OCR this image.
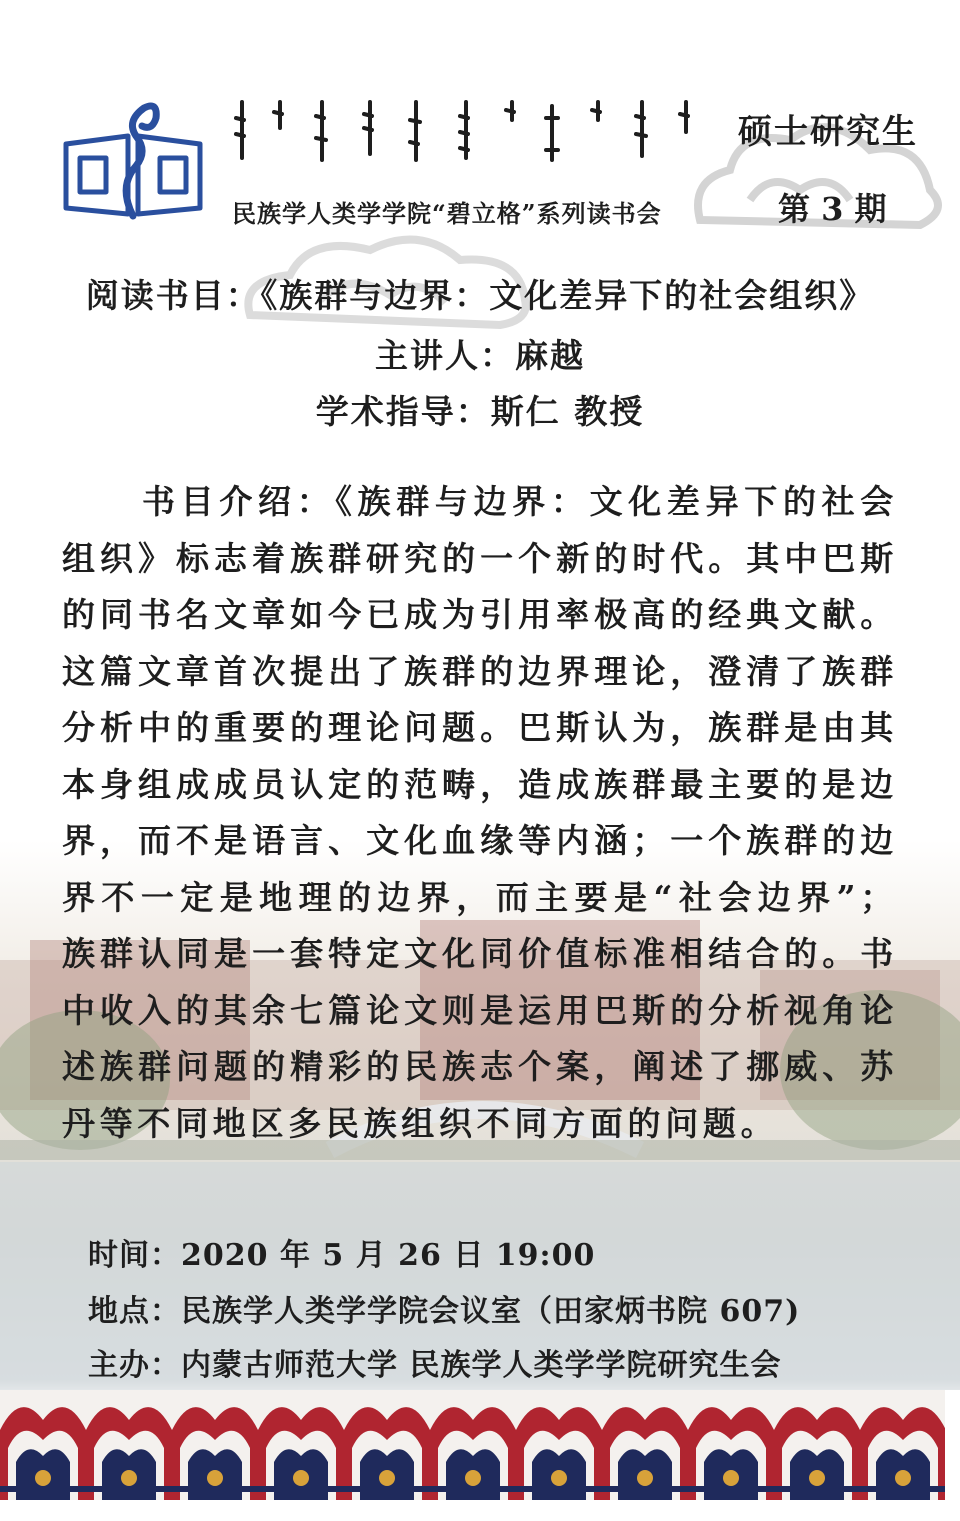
民族学人类学学院“碧立格”系列读书会
硕士研究生
第 3 期
阅读书目：《族群与边界：文化差异下的社会组织》
主讲人：麻越
学术指导：斯仁 教授

书目介绍：《族群与边界：文化差异下的社会组织》标志着族群研究的一个新的时代。其中巴斯的同书名文章如今已成为引用率极高的经典文献。这篇文章首次提出了族群的边界理论，澄清了族群分析中的重要的理论问题。巴斯认为，族群是由其本身组成成员认定的范畴，造成族群最主要的是边界，而不是语言、文化血缘等内涵；一个族群的边界不一定是地理的边界，而主要是“社会边界”；族群认同是一套特定文化同价值标准相结合的。书中收入的其余七篇论文则是运用巴斯的分析视角论述族群问题的精彩的民族志个案，阐述了挪威、苏丹等不同地区多民族组织不同方面的问题。

时间：2020 年 5 月 26 日 19:00
地点：民族学人类学学院会议室（田家炳书院 607)
主办：内蒙古师范大学 民族学人类学学院研究生会
